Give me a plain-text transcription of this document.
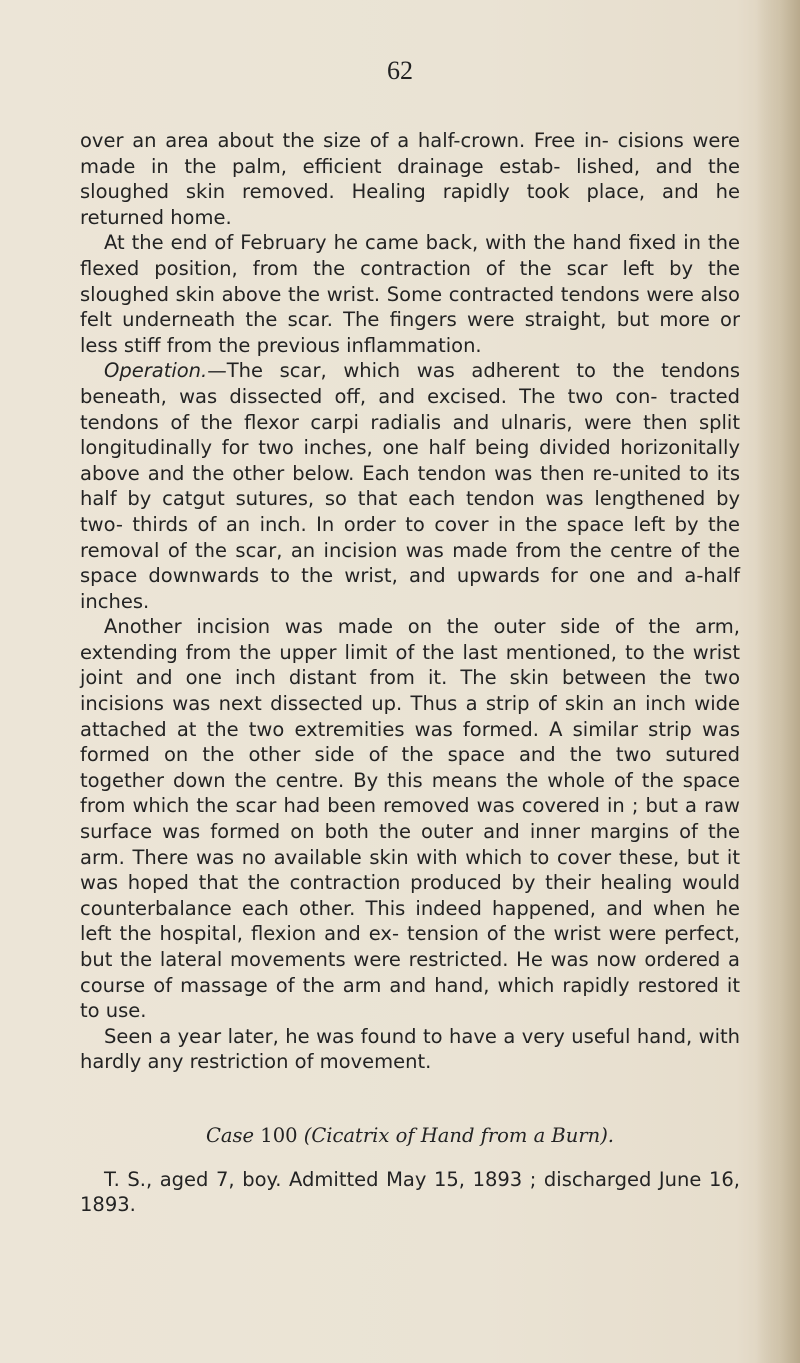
62

over an area about the size of a half-crown. Free in- cisions were made in the palm, efficient drainage estab- lished, and the sloughed skin removed. Healing rapidly took place, and he returned home.

At the end of February he came back, with the hand fixed in the flexed position, from the contraction of the scar left by the sloughed skin above the wrist. Some contracted tendons were also felt underneath the scar. The fingers were straight, but more or less stiff from the previous inflammation.

Operation.—The scar, which was adherent to the tendons beneath, was dissected off, and excised. The two con- tracted tendons of the flexor carpi radialis and ulnaris, were then split longitudinally for two inches, one half being divided horizonitally above and the other below. Each tendon was then re-united to its half by catgut sutures, so that each tendon was lengthened by two- thirds of an inch. In order to cover in the space left by the removal of the scar, an incision was made from the centre of the space downwards to the wrist, and upwards for one and a-half inches.

Another incision was made on the outer side of the arm, extending from the upper limit of the last mentioned, to the wrist joint and one inch distant from it. The skin between the two incisions was next dissected up. Thus a strip of skin an inch wide attached at the two extremities was formed. A similar strip was formed on the other side of the space and the two sutured together down the centre. By this means the whole of the space from which the scar had been removed was covered in ; but a raw surface was formed on both the outer and inner margins of the arm. There was no available skin with which to cover these, but it was hoped that the contraction produced by their healing would counterbalance each other. This indeed happened, and when he left the hospital, flexion and ex- tension of the wrist were perfect, but the lateral movements were restricted. He was now ordered a course of massage of the arm and hand, which rapidly restored it to use.

Seen a year later, he was found to have a very useful hand, with hardly any restriction of movement.

Case 100 (Cicatrix of Hand from a Burn).

T. S., aged 7, boy. Admitted May 15, 1893 ; discharged June 16, 1893.
